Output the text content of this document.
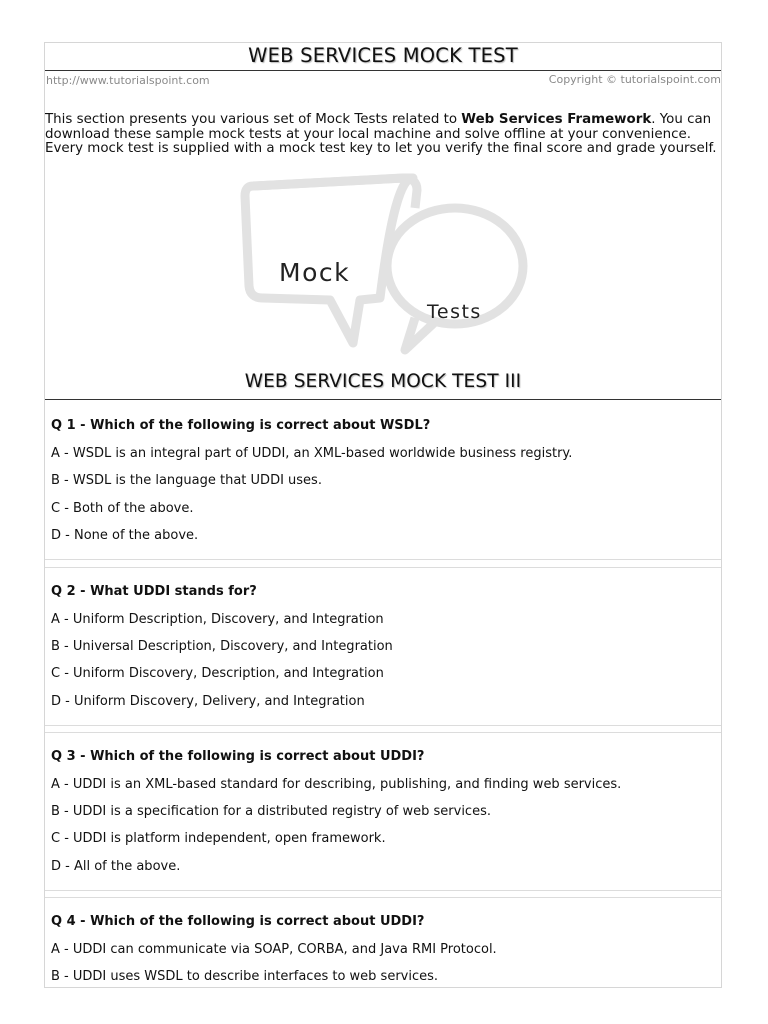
WEB SERVICES MOCK TEST
http://www.tutorialspoint.com	Copyright © tutorialspoint.com
This section presents you various set of Mock Tests related to Web Services Framework. You can download these sample mock tests at your local machine and solve offline at your convenience. Every mock test is supplied with a mock test key to let you verify the final score and grade yourself.
Mock
Tests
WEB SERVICES MOCK TEST III
Q 1 - Which of the following is correct about WSDL?
A - WSDL is an integral part of UDDI, an XML-based worldwide business registry.
B - WSDL is the language that UDDI uses.
C - Both of the above.
D - None of the above.
Q 2 - What UDDI stands for?
A - Uniform Description, Discovery, and Integration
B - Universal Description, Discovery, and Integration
C - Uniform Discovery, Description, and Integration
D - Uniform Discovery, Delivery, and Integration
Q 3 - Which of the following is correct about UDDI?
A - UDDI is an XML-based standard for describing, publishing, and finding web services.
B - UDDI is a specification for a distributed registry of web services.
C - UDDI is platform independent, open framework.
D - All of the above.
Q 4 - Which of the following is correct about UDDI?
A - UDDI can communicate via SOAP, CORBA, and Java RMI Protocol.
B - UDDI uses WSDL to describe interfaces to web services.
